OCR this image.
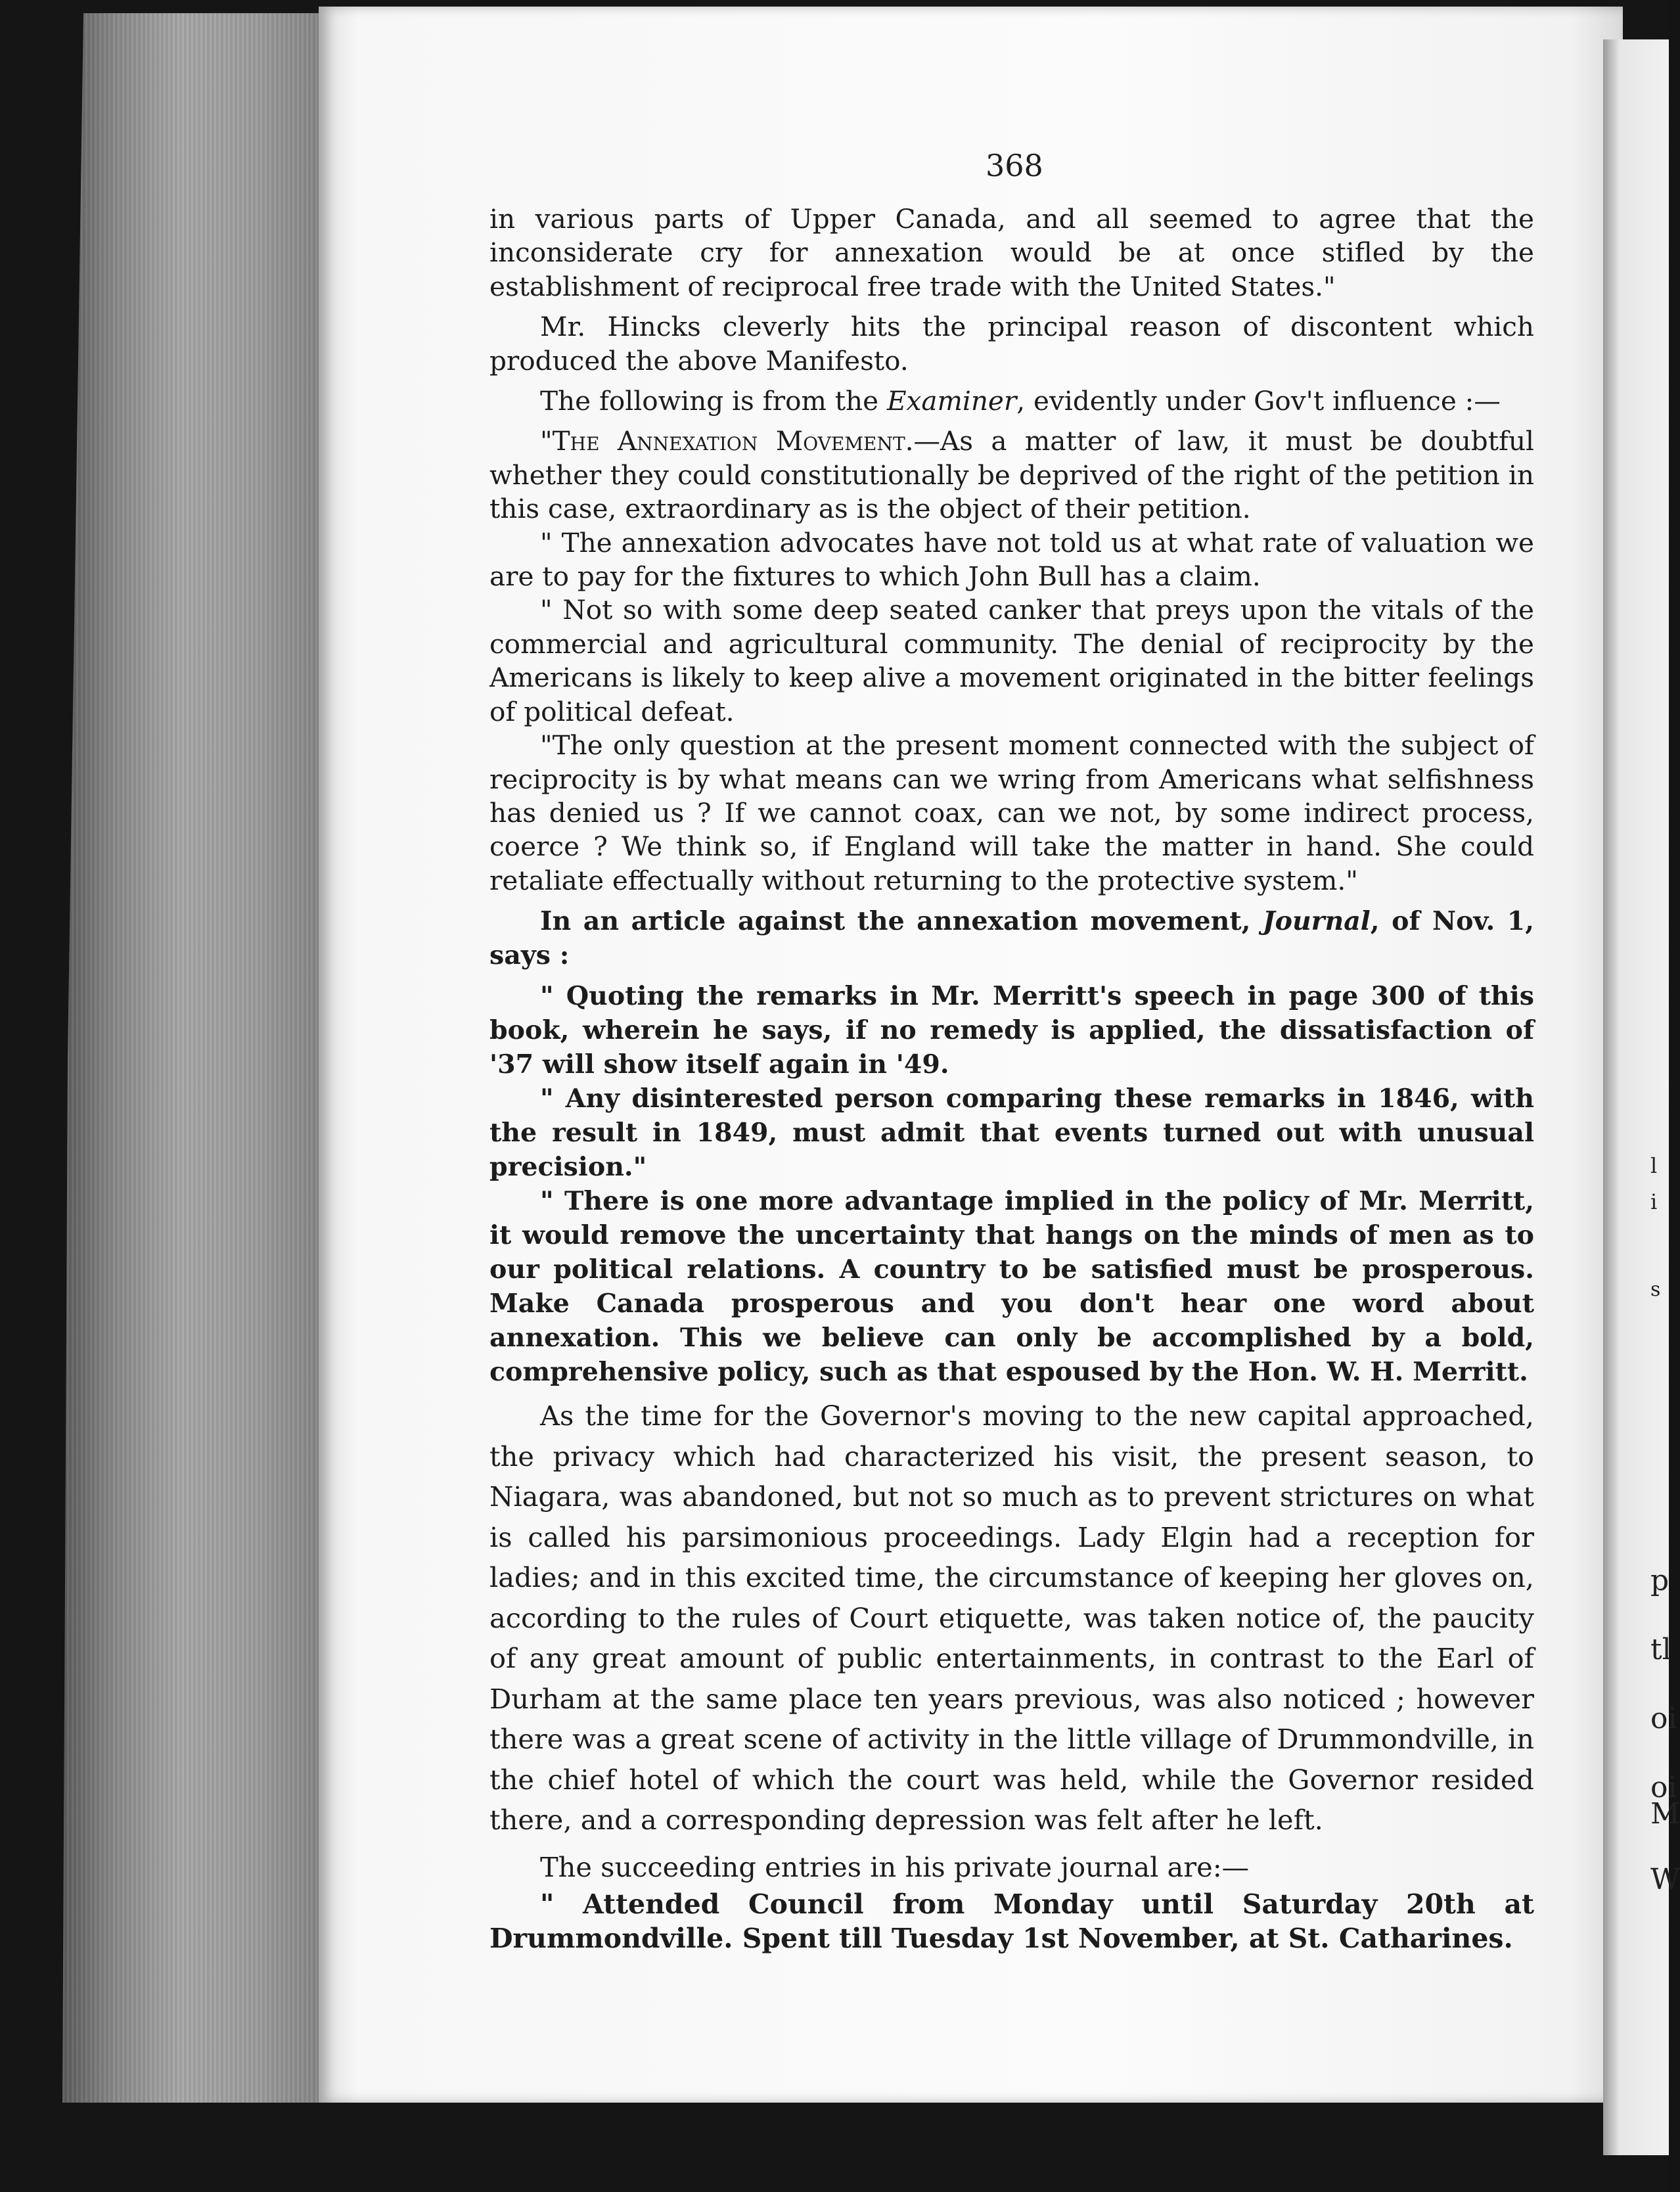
p
tl
oi
oi
M
W
s
l
i
368

in various parts of Upper Canada, and all seemed to agree that the inconsiderate cry for annexation would be at once stifled by the establishment of reciprocal free trade with the United States."

Mr. Hincks cleverly hits the principal reason of discontent which produced the above Manifesto.

The following is from the Examiner, evidently under Gov't influence :—

"The Annexation Movement.—As a matter of law, it must be doubtful whether they could constitutionally be deprived of the right of the petition in this case, extraordinary as is the object of their petition.

" The annexation advocates have not told us at what rate of valuation we are to pay for the fixtures to which John Bull has a claim.

" Not so with some deep seated canker that preys upon the vitals of the commercial and agricultural community. The denial of reciprocity by the Americans is likely to keep alive a movement originated in the bitter feelings of political defeat.

"The only question at the present moment connected with the subject of reciprocity is by what means can we wring from Americans what selfishness has denied us ? If we cannot coax, can we not, by some indirect process, coerce ? We think so, if England will take the matter in hand. She could retaliate effectually without returning to the protective system."

In an article against the annexation movement, Journal, of Nov. 1, says :

" Quoting the remarks in Mr. Merritt's speech in page 300 of this book, wherein he says, if no remedy is applied, the dissatisfaction of '37 will show itself again in '49.

" Any disinterested person comparing these remarks in 1846, with the result in 1849, must admit that events turned out with unusual precision."

" There is one more advantage implied in the policy of Mr. Merritt, it would remove the uncertainty that hangs on the minds of men as to our political relations. A country to be satisfied must be prosperous. Make Canada prosperous and you don't hear one word about annexation. This we believe can only be accomplished by a bold, comprehensive policy, such as that espoused by the Hon. W. H. Merritt.

As the time for the Governor's moving to the new capital approached, the privacy which had characterized his visit, the present season, to Niagara, was abandoned, but not so much as to prevent strictures on what is called his parsimonious proceedings. Lady Elgin had a reception for ladies; and in this excited time, the circumstance of keeping her gloves on, according to the rules of Court etiquette, was taken notice of, the paucity of any great amount of public entertainments, in contrast to the Earl of Durham at the same place ten years previous, was also noticed ; however there was a great scene of activity in the little village of Drummondville, in the chief hotel of which the court was held, while the Governor resided there, and a corresponding depression was felt after he left.

The succeeding entries in his private journal are:—

" Attended Council from Monday until Saturday 20th at Drummondville. Spent till Tuesday 1st November, at St. Catharines.
